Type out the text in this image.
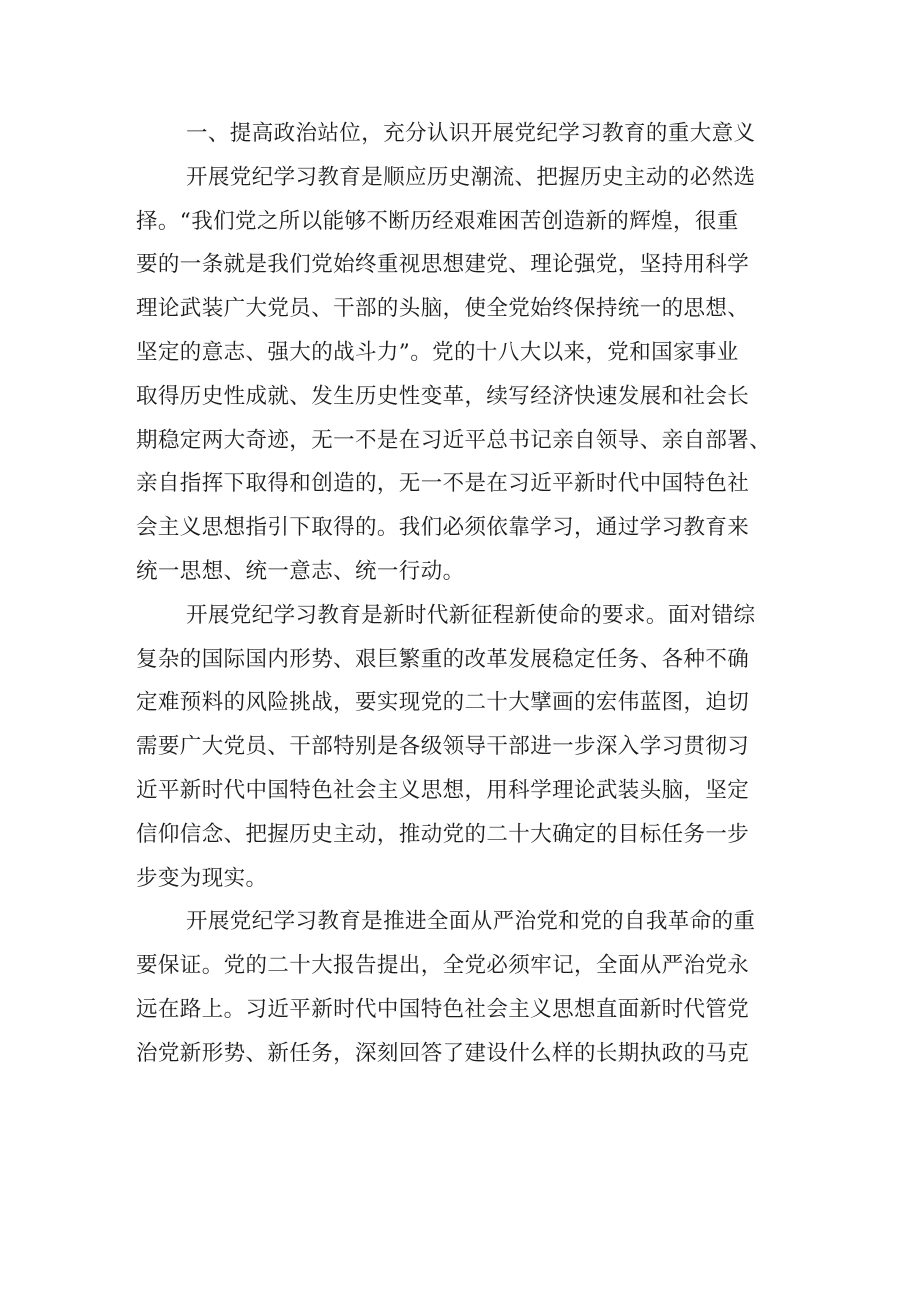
一、提高政治站位，充分认识开展党纪学习教育的重大意义
开展党纪学习教育是顺应历史潮流、把握历史主动的必然选
择。“我们党之所以能够不断历经艰难困苦创造新的辉煌，很重
要的一条就是我们党始终重视思想建党、理论强党，坚持用科学
理论武装广大党员、干部的头脑，使全党始终保持统一的思想、
坚定的意志、强大的战斗力”。党的十八大以来，党和国家事业
取得历史性成就、发生历史性变革，续写经济快速发展和社会长
期稳定两大奇迹，无一不是在习近平总书记亲自领导、亲自部署、
亲自指挥下取得和创造的，无一不是在习近平新时代中国特色社
会主义思想指引下取得的。我们必须依靠学习，通过学习教育来
统一思想、统一意志、统一行动。
开展党纪学习教育是新时代新征程新使命的要求。面对错综
复杂的国际国内形势、艰巨繁重的改革发展稳定任务、各种不确
定难预料的风险挑战，要实现党的二十大擘画的宏伟蓝图，迫切
需要广大党员、干部特别是各级领导干部进一步深入学习贯彻习
近平新时代中国特色社会主义思想，用科学理论武装头脑，坚定
信仰信念、把握历史主动，推动党的二十大确定的目标任务一步
步变为现实。
开展党纪学习教育是推进全面从严治党和党的自我革命的重
要保证。党的二十大报告提出，全党必须牢记，全面从严治党永
远在路上。习近平新时代中国特色社会主义思想直面新时代管党
治党新形势、新任务，深刻回答了建设什么样的长期执政的马克
